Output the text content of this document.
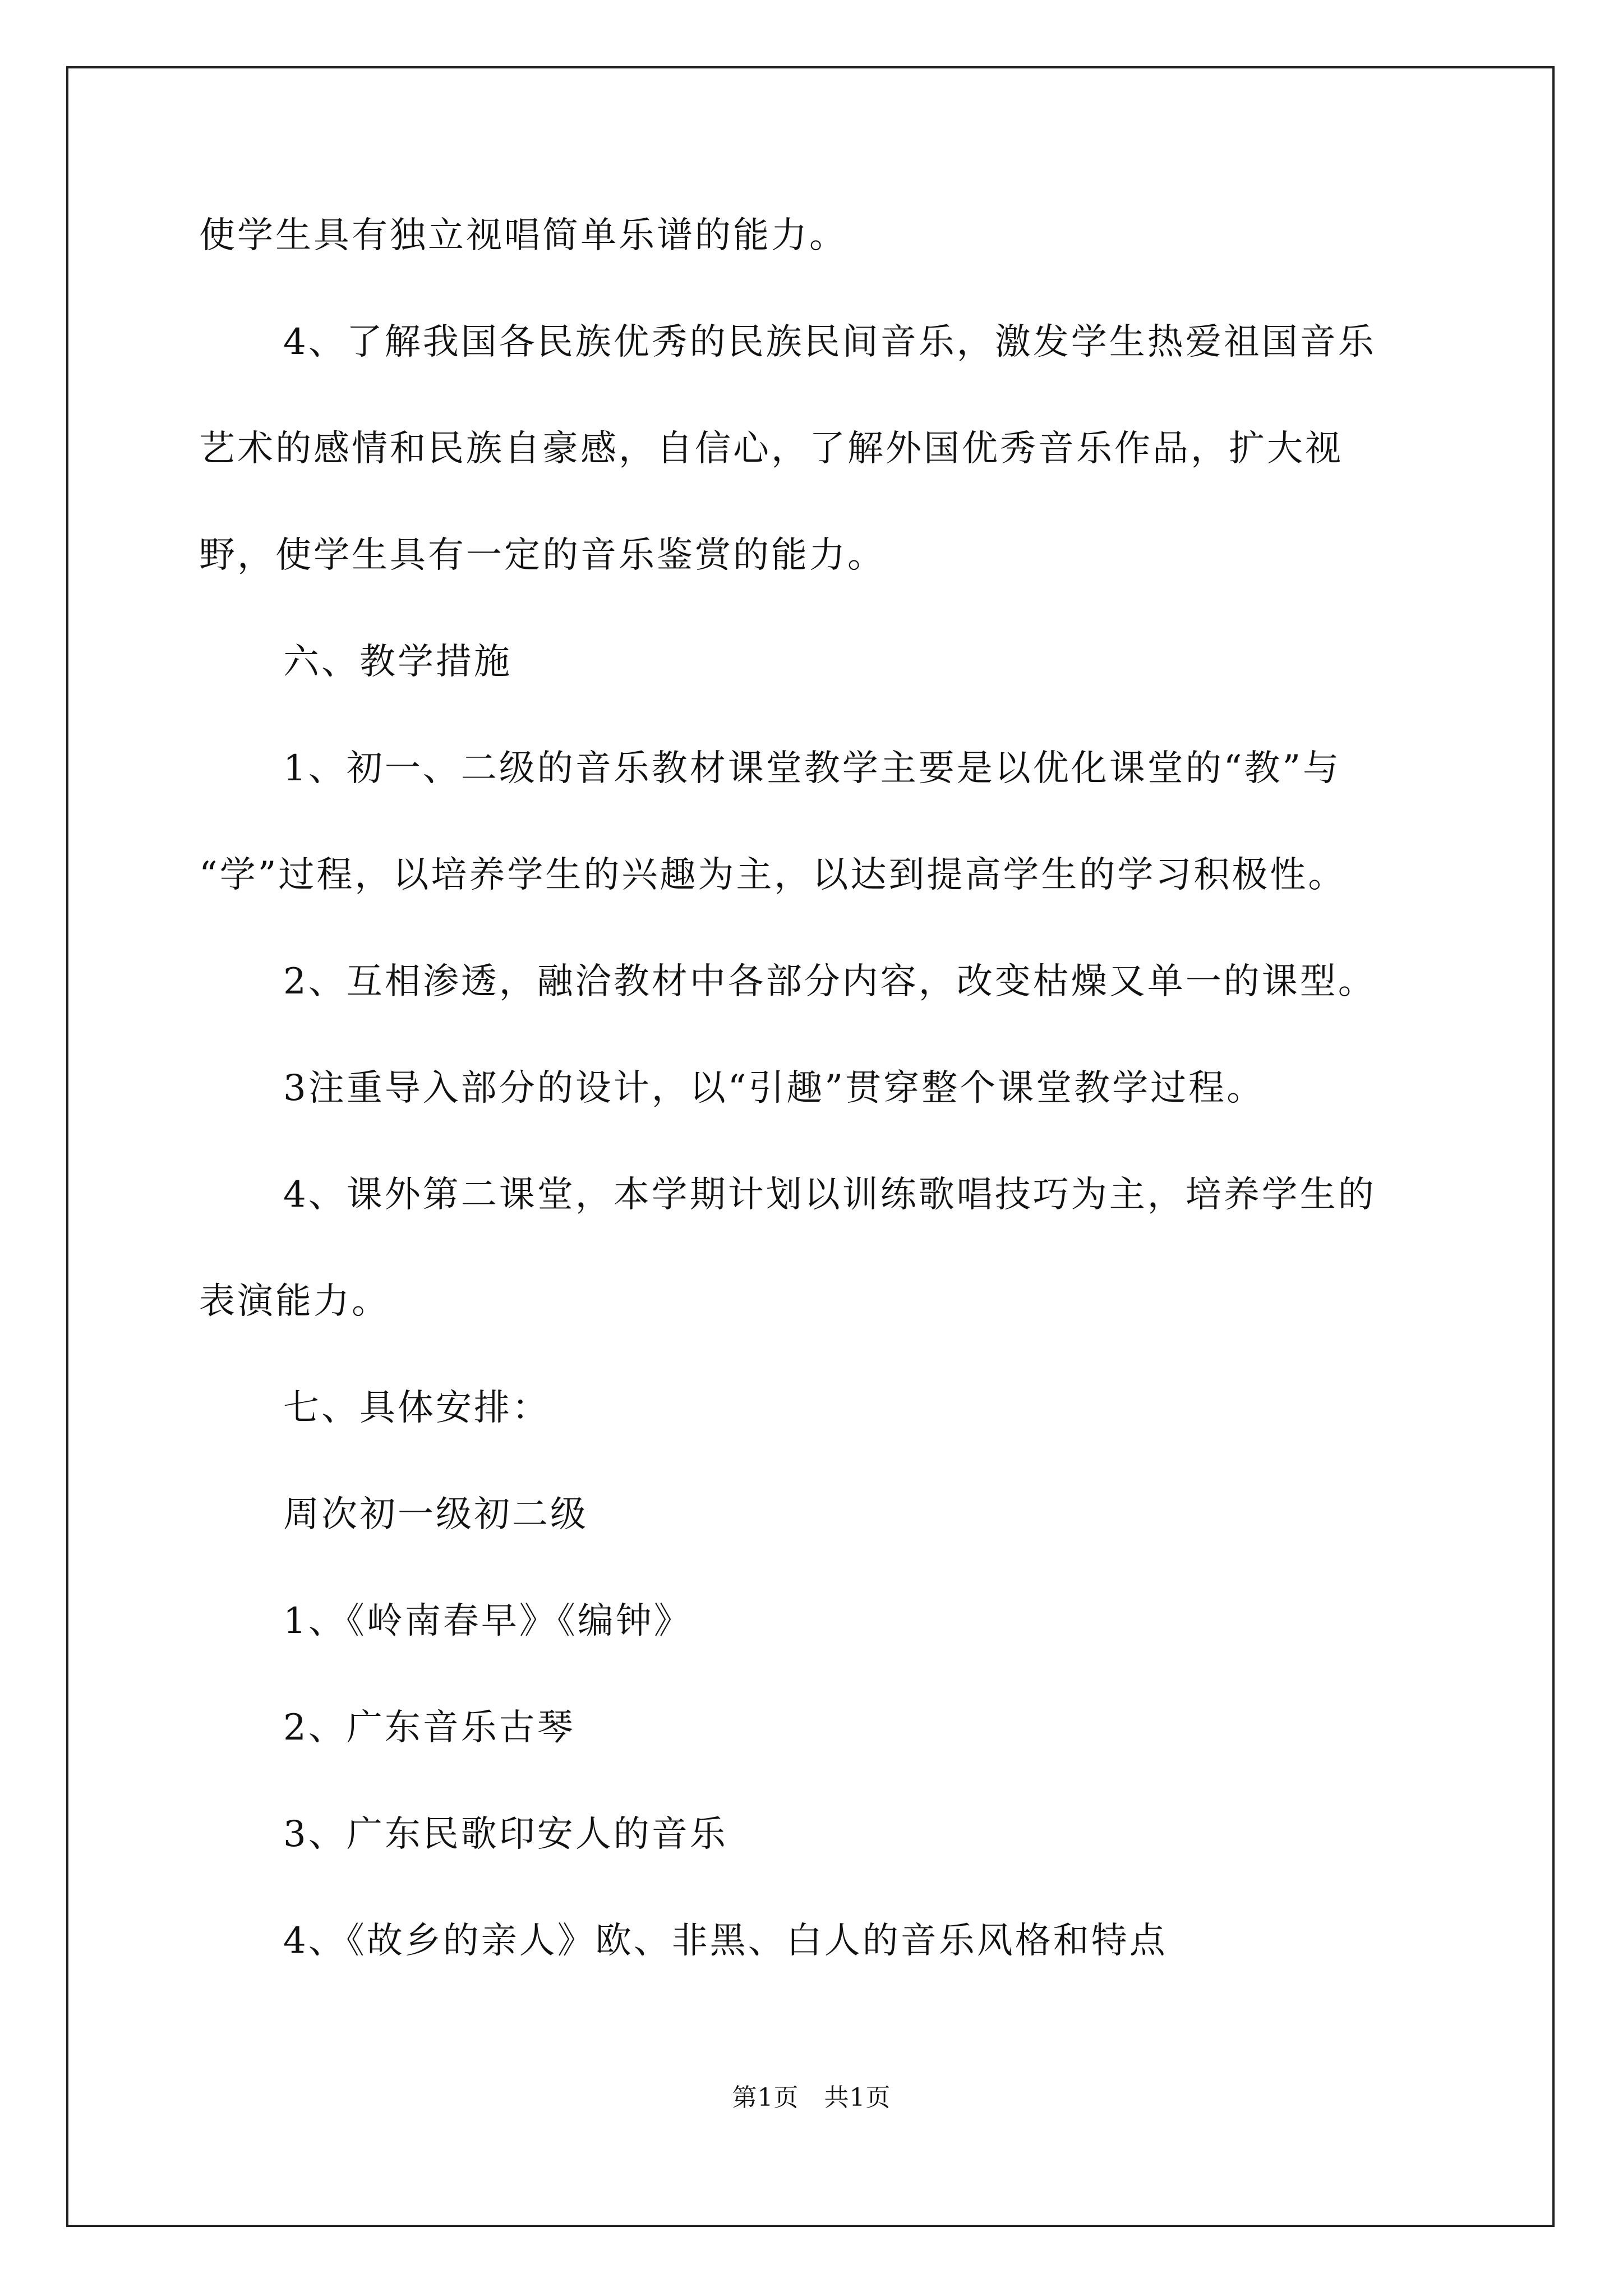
使学生具有独立视唱简单乐谱的能力。
4、了解我国各民族优秀的民族民间音乐，激发学生热爱祖国音乐
艺术的感情和民族自豪感，自信心，了解外国优秀音乐作品，扩大视
野，使学生具有一定的音乐鉴赏的能力。
六、教学措施
1、初一、二级的音乐教材课堂教学主要是以优化课堂的“教”与
“学”过程，以培养学生的兴趣为主，以达到提高学生的学习积极性。
2、互相渗透，融洽教材中各部分内容，改变枯燥又单一的课型。
3注重导入部分的设计，以“引趣”贯穿整个课堂教学过程。
4、课外第二课堂，本学期计划以训练歌唱技巧为主，培养学生的
表演能力。
七、具体安排：
周次初一级初二级
1、《岭南春早》《编钟》
2、广东音乐古琴
3、广东民歌印安人的音乐
4、《故乡的亲人》欧、非黑、白人的音乐风格和特点
第1页　共1页
